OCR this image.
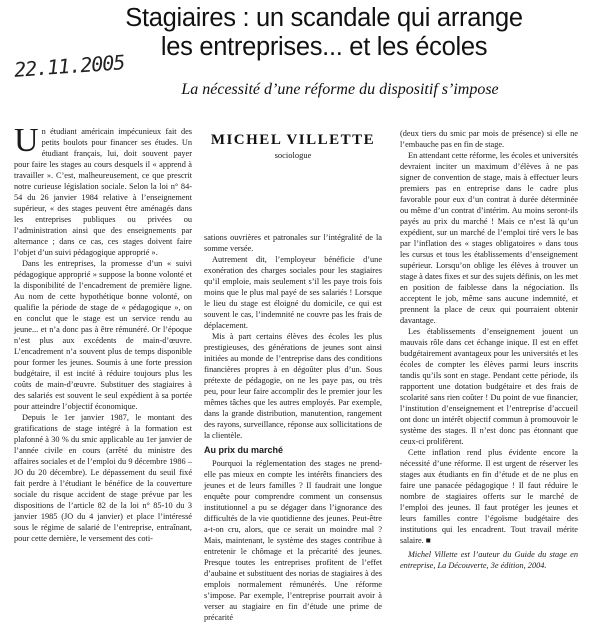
Stagiaires : un scandale qui arrange
les entreprises... et les écoles
22.11.2005
La nécessité d’une réforme du dispositif s’impose

Un étudiant américain impécunieux fait des petits boulots pour financer ses études. Un étudiant français, lui, doit souvent payer pour faire les stages au cours desquels il « apprend à travailler ». C’est, malheureusement, ce que prescrit notre curieuse législation sociale. Selon la loi n° 84-54 du 26 janvier 1984 relative à l’enseignement supérieur, « des stages peuvent être aménagés dans les entreprises publiques ou privées ou l’administration ainsi que des enseignements par alternance ; dans ce cas, ces stages doivent faire l’objet d’un suivi pédagogique approprié ».

Dans les entreprises, la promesse d’un « suivi pédagogique approprié » suppose la bonne volonté et la disponibilité de l’encadrement de première ligne. Au nom de cette hypothétique bonne volonté, on qualifie la période de stage de « pédagogique », on en conclut que le stage est un service rendu au jeune... et n’a donc pas à être rémunéré. Or l’époque n’est plus aux excédents de main-d’œuvre. L’encadrement n’a souvent plus de temps disponible pour former les jeunes. Soumis à une forte pression budgétaire, il est incité à réduire toujours plus les coûts de main-d’œuvre. Substituer des stagiaires à des salariés est souvent le seul expédient à sa portée pour atteindre l’objectif économique.

Depuis le 1er janvier 1987, le montant des gratifications de stage intégré à la formation est plafonné à 30 % du smic applicable au 1er janvier de l’année civile en cours (arrêté du ministre des affaires sociales et de l’emploi du 9 décembre 1986 – JO du 20 décembre). Le dépassement du seuil fixé fait perdre à l’étudiant le bénéfice de la couverture sociale du risque accident de stage prévue par les dispositions de l’article 82 de la loi n° 85-10 du 3 janvier 1985 (JO du 4 janvier) et place l’intéressé sous le régime de salarié de l’entreprise, entraînant, pour cette dernière, le versement des coti-

MICHEL VILLETTE
sociologue

sations ouvrières et patronales sur l’intégralité de la somme versée.

Autrement dit, l’employeur bénéficie d’une exonération des charges sociales pour les stagiaires qu’il emploie, mais seulement s’il les paye trois fois moins que le plus mal payé de ses salariés ! Lorsque le lieu du stage est éloigné du domicile, ce qui est souvent le cas, l’indemnité ne couvre pas les frais de déplacement.

Mis à part certains élèves des écoles les plus prestigieuses, des générations de jeunes sont ainsi initiées au monde de l’entreprise dans des conditions financières propres à en dégoûter plus d’un. Sous prétexte de pédagogie, on ne les paye pas, ou très peu, pour leur faire accomplir des le premier jour les mêmes tâches que les autres employés. Par exemple, dans la grande distribution, manutention, rangement des rayons, surveillance, réponse aux sollicitations de la clientèle.

Au prix du marché

Pourquoi la réglementation des stages ne prend-elle pas mieux en compte les intérêts financiers des jeunes et de leurs familles ? Il faudrait une longue enquête pour comprendre comment un consensus institutionnel a pu se dégager dans l’ignorance des difficultés de la vie quotidienne des jeunes. Peut-être a-t-on cru, alors, que ce serait un moindre mal ? Mais, maintenant, le système des stages contribue à entretenir le chômage et la précarité des jeunes. Presque toutes les entreprises profitent de l’effet d’aubaine et substituent des norias de stagiaires à des emplois normalement rémunérés. Une réforme s’impose. Par exemple, l’entreprise pourrait avoir à verser au stagiaire en fin d’étude une prime de précarité

(deux tiers du smic par mois de présence) si elle ne l’embauche pas en fin de stage.

En attendant cette réforme, les écoles et universités devraient inciter un maximum d’élèves à ne pas signer de convention de stage, mais à effectuer leurs premiers pas en entreprise dans le cadre plus favorable pour eux d’un contrat à durée déterminée ou même d’un contrat d’intérim. Au moins seront-ils payés au prix du marché ! Mais ce n’est là qu’un expédient, sur un marché de l’emploi tiré vers le bas par l’inflation des « stages obligatoires » dans tous les cursus et tous les établissements d’enseignement supérieur. Lorsqu’on oblige les élèves à trouver un stage à dates fixes et sur des sujets définis, on les met en position de faiblesse dans la négociation. Ils acceptent le job, même sans aucune indemnité, et prennent la place de ceux qui pourraient obtenir davantage.

Les établissements d’enseignement jouent un mauvais rôle dans cet échange inique. Il est en effet budgétairement avantageux pour les universités et les écoles de compter les élèves parmi leurs inscrits tandis qu’ils sont en stage. Pendant cette période, ils rapportent une dotation budgétaire et des frais de scolarité sans rien coûter ! Du point de vue financier, l’institution d’enseignement et l’entreprise d’accueil ont donc un intérêt objectif commun à promouvoir le système des stages. Il n’est donc pas étonnant que ceux-ci prolifèrent.

Cette inflation rend plus évidente encore la nécessité d’une réforme. Il est urgent de réserver les stages aux étudiants en fin d’étude et de ne plus en faire une panacée pédagogique ! Il faut réduire le nombre de stagiaires offerts sur le marché de l’emploi des jeunes. Il faut protéger les jeunes et leurs familles contre l’égoïsme budgétaire des institutions qui les encadrent. Tout travail mérite salaire. ■

Michel Villette est l’auteur du Guide du stage en entreprise, La Découverte, 3e édition, 2004.
